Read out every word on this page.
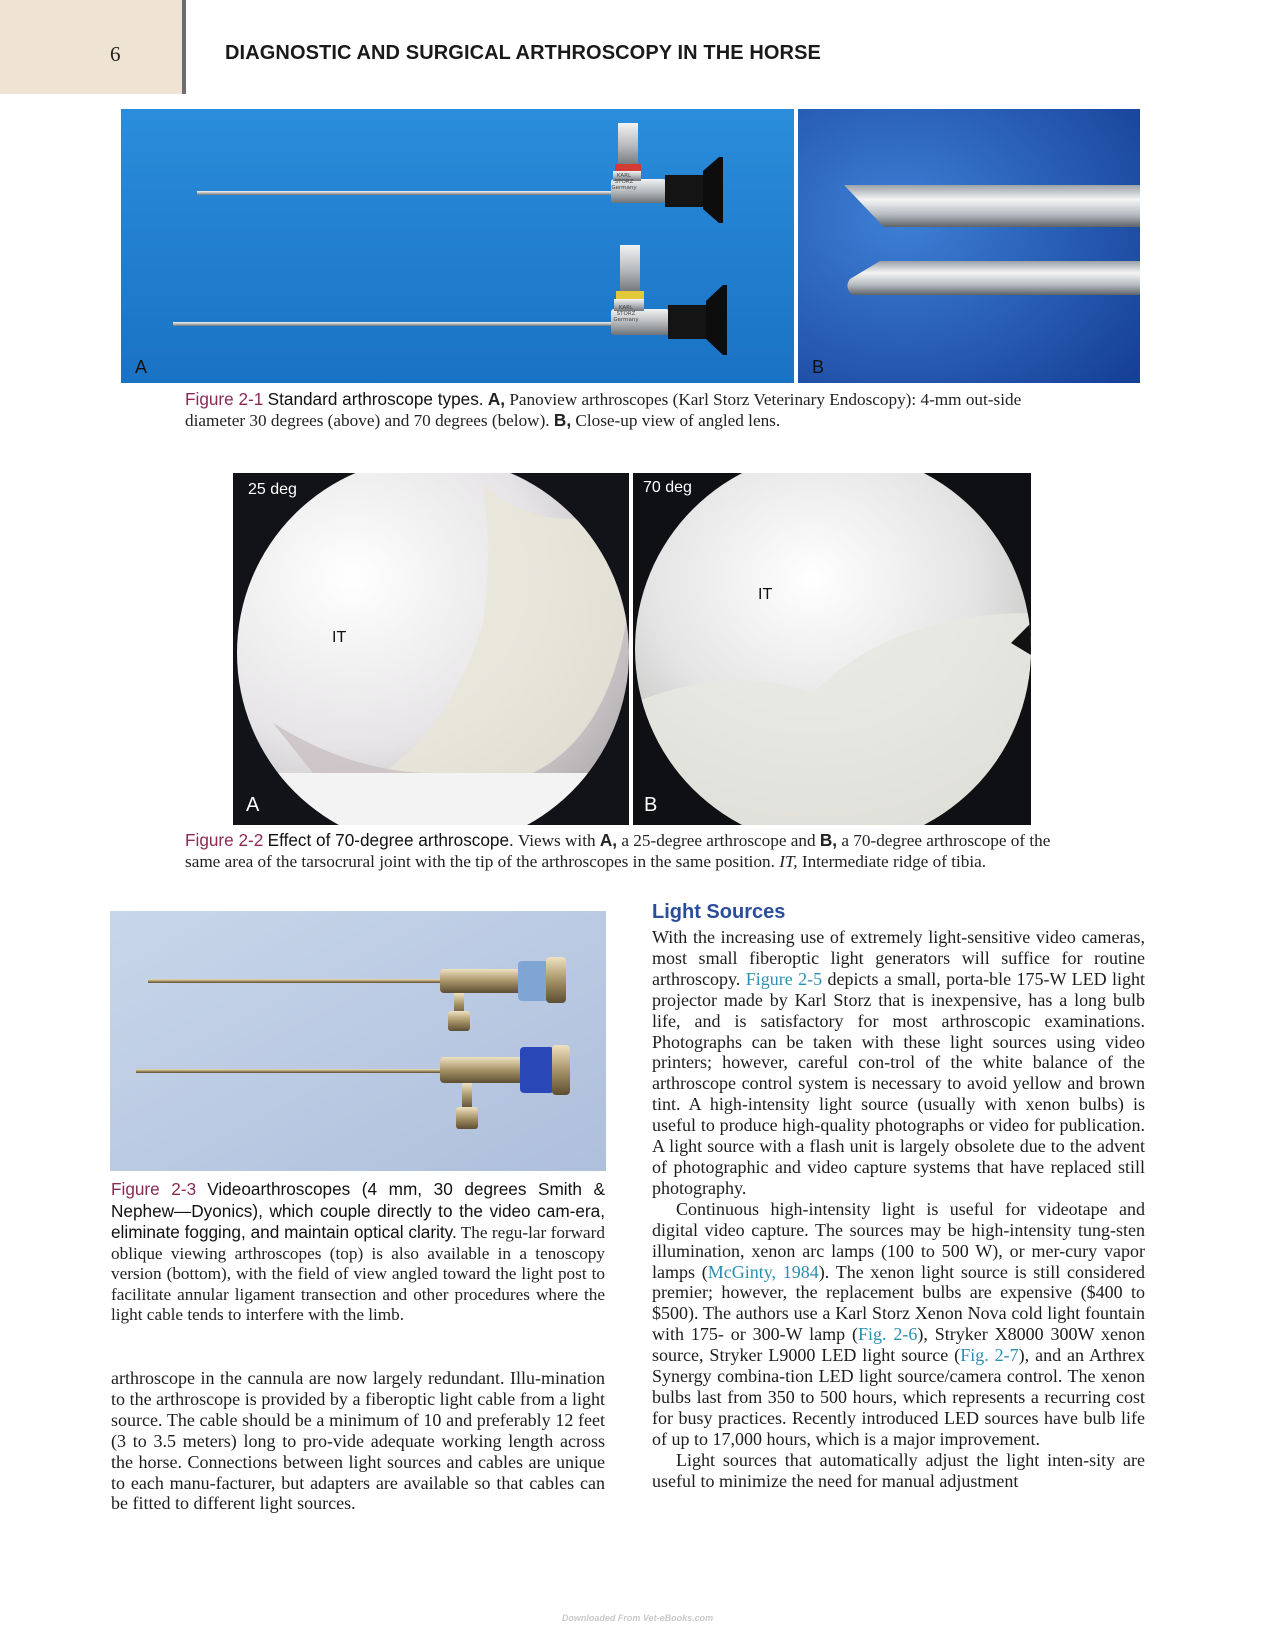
6	DIAGNOSTIC AND SURGICAL ARTHROSCOPY IN THE HORSE
KARL
STORZ
Germany
KARL
STORZ
Germany
A	B
Figure 2-1 Standard arthroscope types. A, Panoview arthroscopes (Karl Storz Veterinary Endoscopy): 4-mm out-side diameter 30 degrees (above) and 70 degrees (below). B, Close-up view of angled lens.
25 deg
IT
A
70 deg
IT
B
Figure 2-2 Effect of 70-degree arthroscope. Views with A, a 25-degree arthroscope and B, a 70-degree arthroscope of the same area of the tarsocrural joint with the tip of the arthroscopes in the same position. IT, Intermediate ridge of tibia.
Figure 2-3 Videoarthroscopes (4 mm, 30 degrees Smith & Nephew—Dyonics), which couple directly to the video cam-era, eliminate fogging, and maintain optical clarity. The regu-lar forward oblique viewing arthroscopes (top) is also available in a tenoscopy version (bottom), with the field of view angled toward the light post to facilitate annular ligament transection and other procedures where the light cable tends to interfere with the limb.

arthroscope in the cannula are now largely redundant. Illu-mination to the arthroscope is provided by a fiberoptic light cable from a light source. The cable should be a minimum of 10 and preferably 12 feet (3 to 3.5 meters) long to pro-vide adequate working length across the horse. Connections between light sources and cables are unique to each manu-facturer, but adapters are available so that cables can be fitted to different light sources.

Light Sources

With the increasing use of extremely light-sensitive video cameras, most small fiberoptic light generators will suffice for routine arthroscopy. Figure 2-5 depicts a small, porta-ble 175-W LED light projector made by Karl Storz that is inexpensive, has a long bulb life, and is satisfactory for most arthroscopic examinations. Photographs can be taken with these light sources using video printers; however, careful con-trol of the white balance of the arthroscope control system is necessary to avoid yellow and brown tint. A high-intensity light source (usually with xenon bulbs) is useful to produce high-quality photographs or video for publication. A light source with a flash unit is largely obsolete due to the advent of photographic and video capture systems that have replaced still photography.

Continuous high-intensity light is useful for videotape and digital video capture. The sources may be high-intensity tung-sten illumination, xenon arc lamps (100 to 500 W), or mer-cury vapor lamps (McGinty, 1984). The xenon light source is still considered premier; however, the replacement bulbs are expensive ($400 to $500). The authors use a Karl Storz Xenon Nova cold light fountain with 175- or 300-W lamp (Fig. 2-6), Stryker X8000 300W xenon source, Stryker L9000 LED light source (Fig. 2-7), and an Arthrex Synergy combina-tion LED light source/camera control. The xenon bulbs last from 350 to 500 hours, which represents a recurring cost for busy practices. Recently introduced LED sources have bulb life of up to 17,000 hours, which is a major improvement.

Light sources that automatically adjust the light inten-sity are useful to minimize the need for manual adjustment

Downloaded From Vet-eBooks.com
